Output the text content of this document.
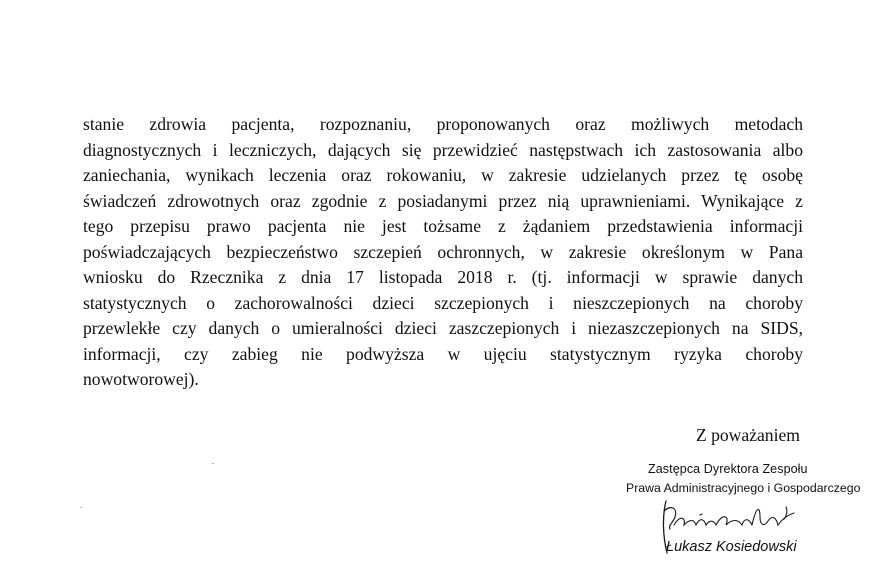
stanie zdrowia pacjenta, rozpoznaniu, proponowanych oraz możliwych metodach
diagnostycznych i leczniczych, dających się przewidzieć następstwach ich zastosowania albo
zaniechania, wynikach leczenia oraz rokowaniu, w zakresie udzielanych przez tę osobę
świadczeń zdrowotnych oraz zgodnie z posiadanymi przez nią uprawnieniami. Wynikające z
tego przepisu prawo pacjenta nie jest tożsame z żądaniem przedstawienia informacji
poświadczających bezpieczeństwo szczepień ochronnych, w zakresie określonym w Pana
wniosku do Rzecznika z dnia 17 listopada 2018 r. (tj. informacji w sprawie danych
statystycznych o zachorowalności dzieci szczepionych i nieszczepionych na choroby
przewlekłe czy danych o umieralności dzieci zaszczepionych i niezaszczepionych na SIDS,
informacji, czy zabieg nie podwyższa w ujęciu statystycznym ryzyka choroby
nowotworowej).

Z poważaniem

Zastępca Dyrektora Zespołu
Prawa Administracyjnego i Gospodarczego
Łukasz Kosiedowski
